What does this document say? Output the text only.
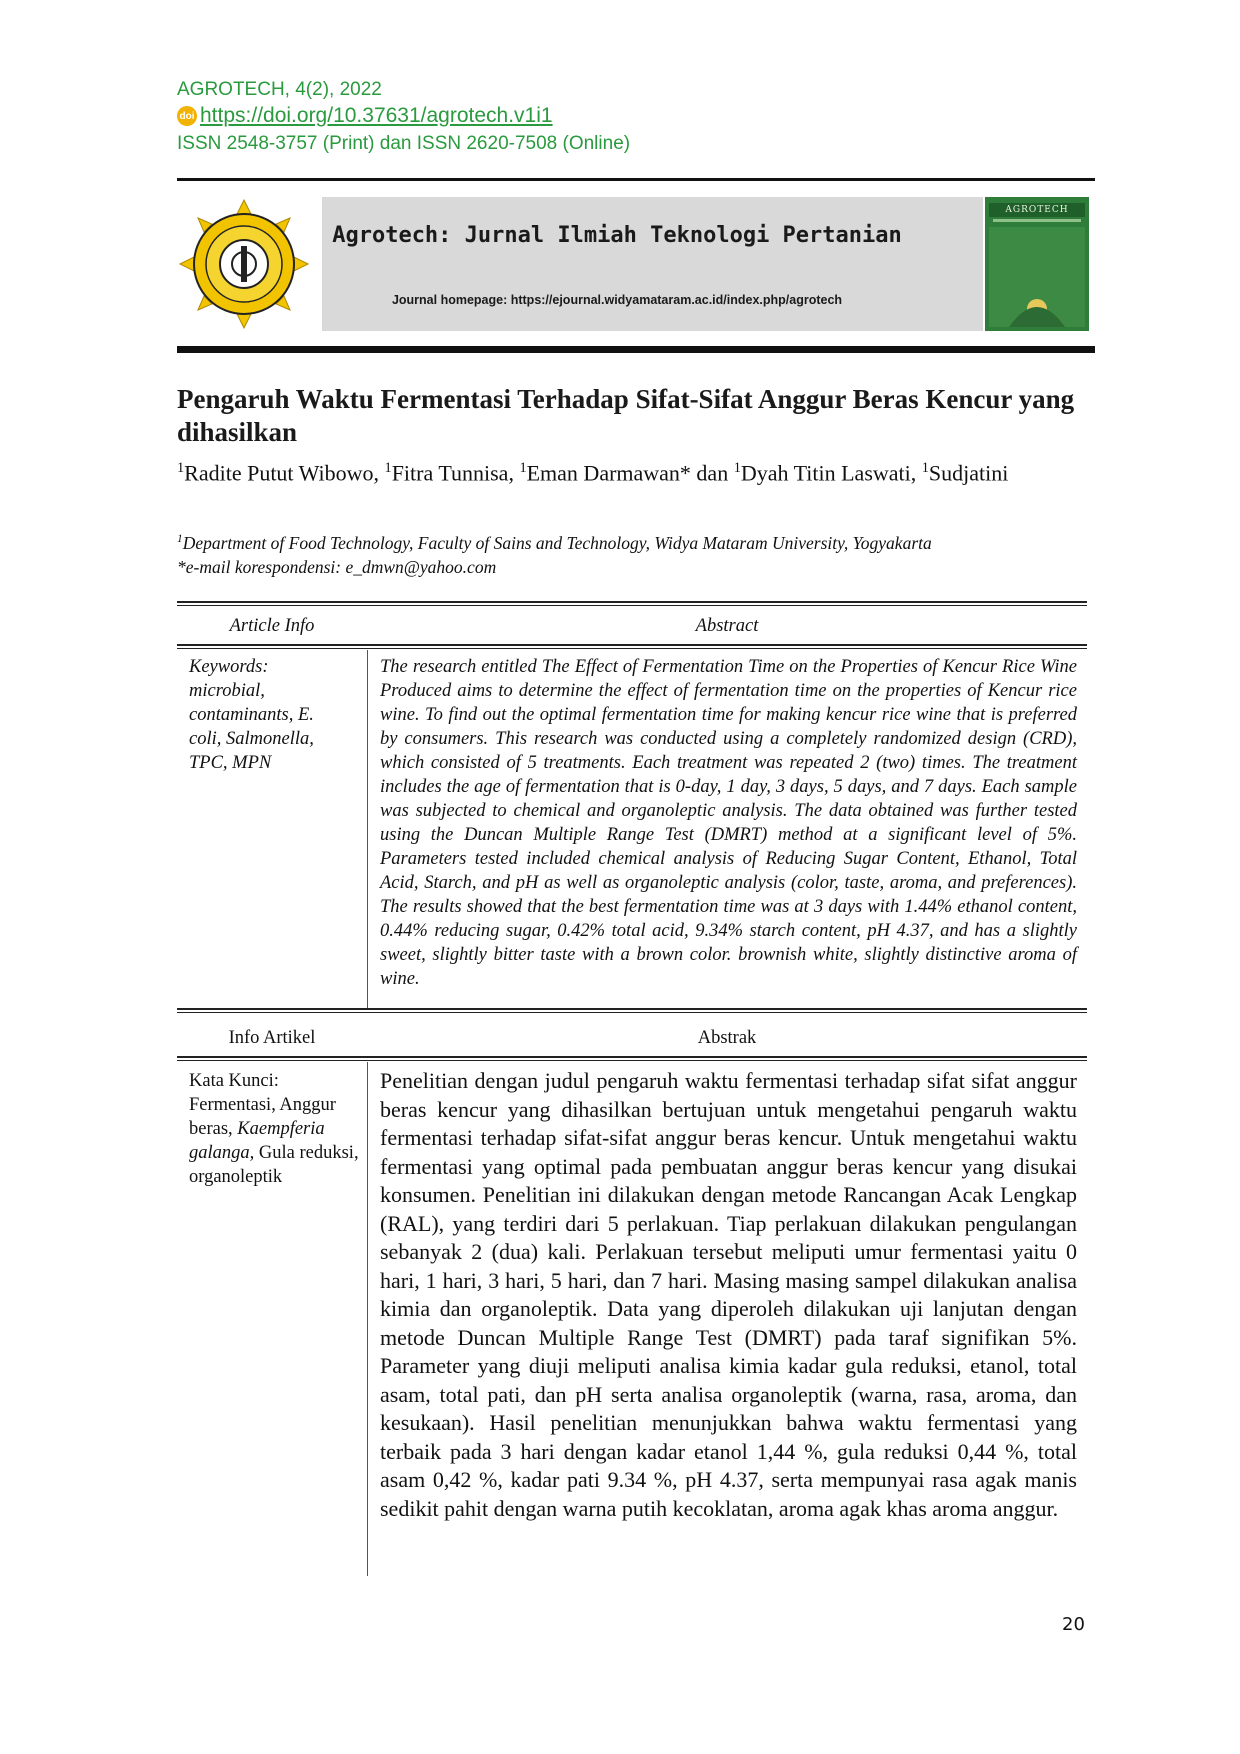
AGROTECH, 4(2), 2022
doi https://doi.org/10.37631/agrotech.v1i1
ISSN 2548-3757 (Print) dan ISSN 2620-7508 (Online)
Agrotech: Jurnal Ilmiah Teknologi Pertanian
Journal homepage: https://ejournal.widyamataram.ac.id/index.php/agrotech
AGROTECH
Pengaruh Waktu Fermentasi Terhadap Sifat-Sifat Anggur Beras Kencur yang dihasilkan
$^1$Radite Putut Wibowo, $^1$Fitra Tunnisa, $^1$Eman Darmawan* dan $^1$Dyah Titin Laswati, $^1$Sudjatini
$^1$Department of Food Technology, Faculty of Sains and Technology, Widya Mataram University, Yogyakarta
*e-mail korespondensi: e_dmwn@yahoo.com
Article Info	Abstract
Keywords:
microbial,
contaminants, E.
coli, Salmonella,
TPC, MPN
The research entitled The Effect of Fermentation Time on the Properties of Kencur Rice Wine Produced aims to determine the effect of fermentation time on the properties of Kencur rice wine. To find out the optimal fermentation time for making kencur rice wine that is preferred by consumers. This research was conducted using a completely randomized design (CRD), which consisted of 5 treatments. Each treatment was repeated 2 (two) times. The treatment includes the age of fermentation that is 0-day, 1 day, 3 days, 5 days, and 7 days. Each sample was subjected to chemical and organoleptic analysis. The data obtained was further tested using the Duncan Multiple Range Test (DMRT) method at a significant level of 5%. Parameters tested included chemical analysis of Reducing Sugar Content, Ethanol, Total Acid, Starch, and pH as well as organoleptic analysis (color, taste, aroma, and preferences). The results showed that the best fermentation time was at 3 days with 1.44% ethanol content, 0.44% reducing sugar, 0.42% total acid, 9.34% starch content, pH 4.37, and has a slightly sweet, slightly bitter taste with a brown color. brownish white, slightly distinctive aroma of wine.
Info Artikel	Abstrak
Kata Kunci:
Fermentasi, Anggur beras, Kaempferia galanga, Gula reduksi, organoleptik
Penelitian dengan judul pengaruh waktu fermentasi terhadap sifat sifat anggur beras kencur yang dihasilkan bertujuan untuk mengetahui pengaruh waktu fermentasi terhadap sifat-sifat anggur beras kencur. Untuk mengetahui waktu fermentasi yang optimal pada pembuatan anggur beras kencur yang disukai konsumen. Penelitian ini dilakukan dengan metode Rancangan Acak Lengkap (RAL), yang terdiri dari 5 perlakuan. Tiap perlakuan dilakukan pengulangan sebanyak 2 (dua) kali. Perlakuan tersebut meliputi umur fermentasi yaitu 0 hari, 1 hari, 3 hari, 5 hari, dan 7 hari. Masing masing sampel dilakukan analisa kimia dan organoleptik. Data yang diperoleh dilakukan uji lanjutan dengan metode Duncan Multiple Range Test (DMRT) pada taraf signifikan 5%. Parameter yang diuji meliputi analisa kimia kadar gula reduksi, etanol, total asam, total pati, dan pH serta analisa organoleptik (warna, rasa, aroma, dan kesukaan). Hasil penelitian menunjukkan bahwa waktu fermentasi yang terbaik pada 3 hari dengan kadar etanol 1,44 %, gula reduksi 0,44 %, total asam 0,42 %, kadar pati 9.34 %, pH 4.37, serta mempunyai rasa agak manis sedikit pahit dengan warna putih kecoklatan, aroma agak khas aroma anggur.
20
